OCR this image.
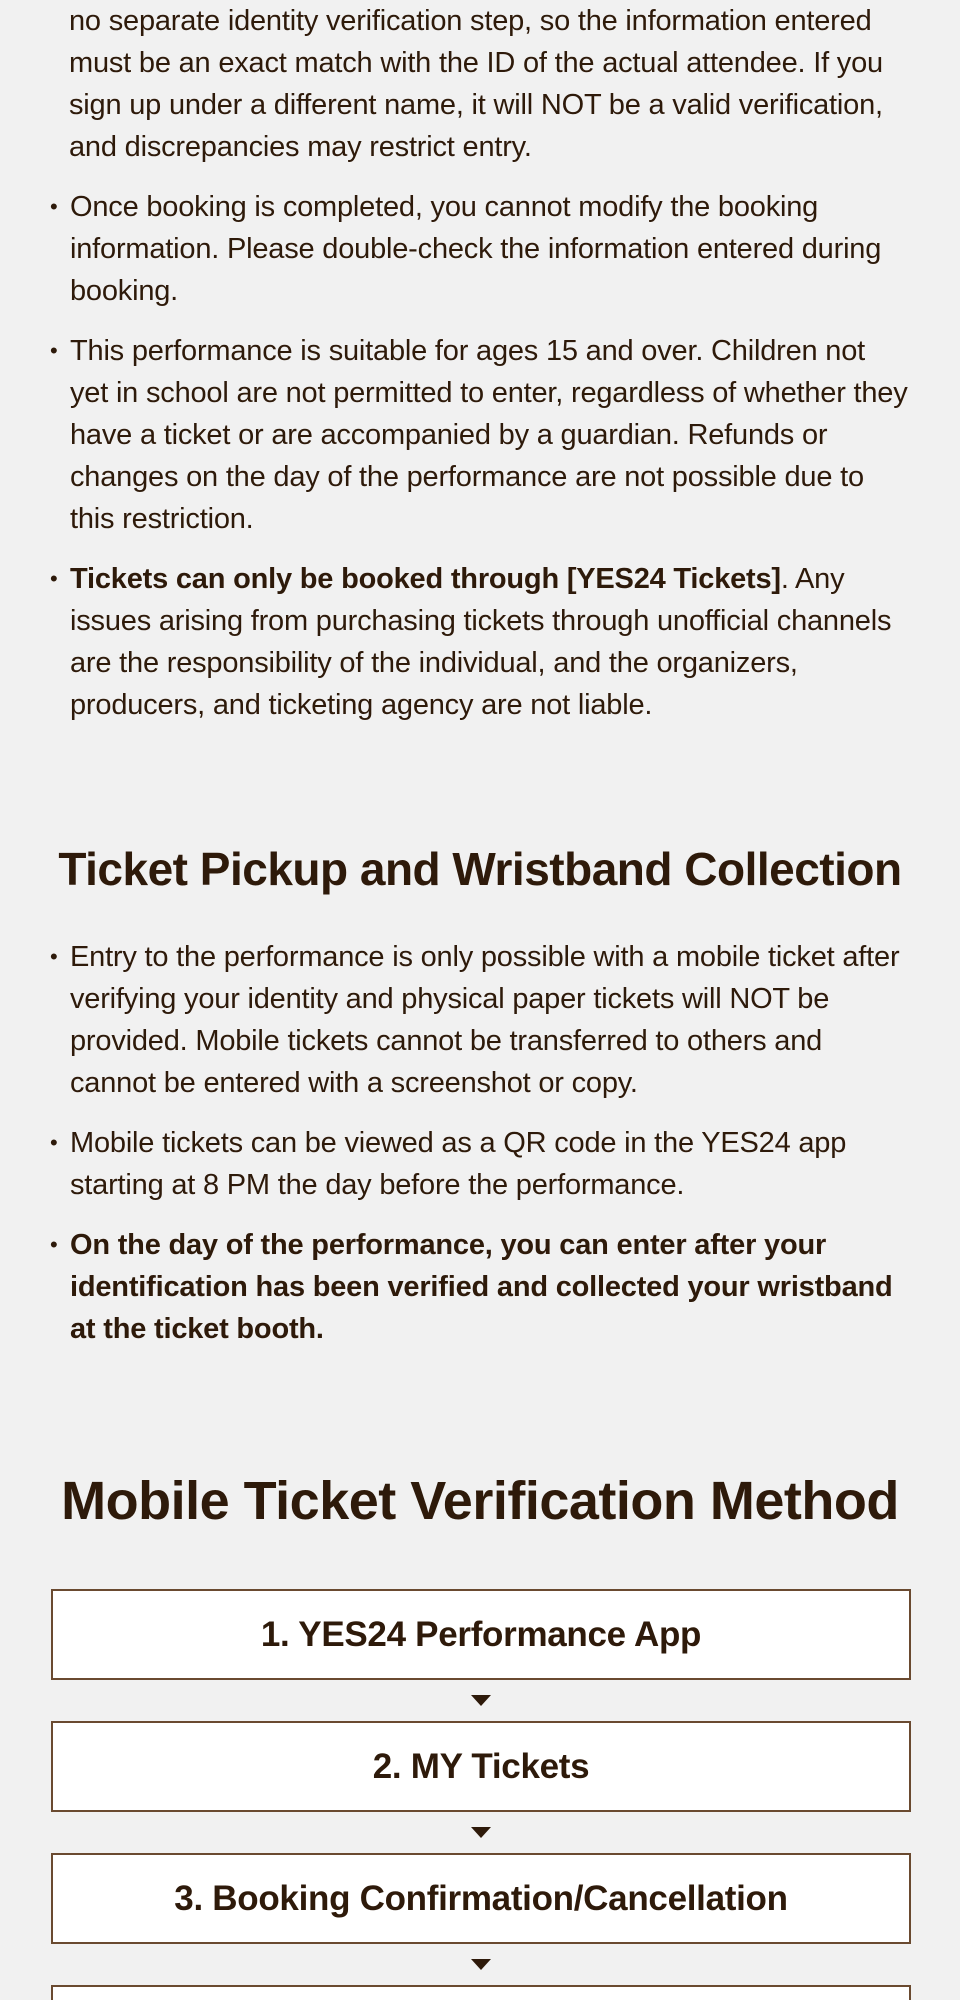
no separate identity verification step, so the information entered must be an exact match with the ID of the actual attendee. If you sign up under a different name, it will NOT be a valid verification, and discrepancies may restrict entry.
• Once booking is completed, you cannot modify the booking information. Please double-check the information entered during booking.
• This performance is suitable for ages 15 and over. Children not yet in school are not permitted to enter, regardless of whether they have a ticket or are accompanied by a guardian. Refunds or changes on the day of the performance are not possible due to this restriction.
• Tickets can only be booked through [YES24 Tickets]. Any issues arising from purchasing tickets through unofficial channels are the responsibility of the individual, and the organizers, producers, and ticketing agency are not liable.
Ticket Pickup and Wristband Collection
• Entry to the performance is only possible with a mobile ticket after verifying your identity and physical paper tickets will NOT be provided. Mobile tickets cannot be transferred to others and cannot be entered with a screenshot or copy.
• Mobile tickets can be viewed as a QR code in the YES24 app starting at 8 PM the day before the performance.
• On the day of the performance, you can enter after your identification has been verified and collected your wristband at the ticket booth.
Mobile Ticket Verification Method
1. YES24 Performance App
2. MY Tickets
3. Booking Confirmation/Cancellation
